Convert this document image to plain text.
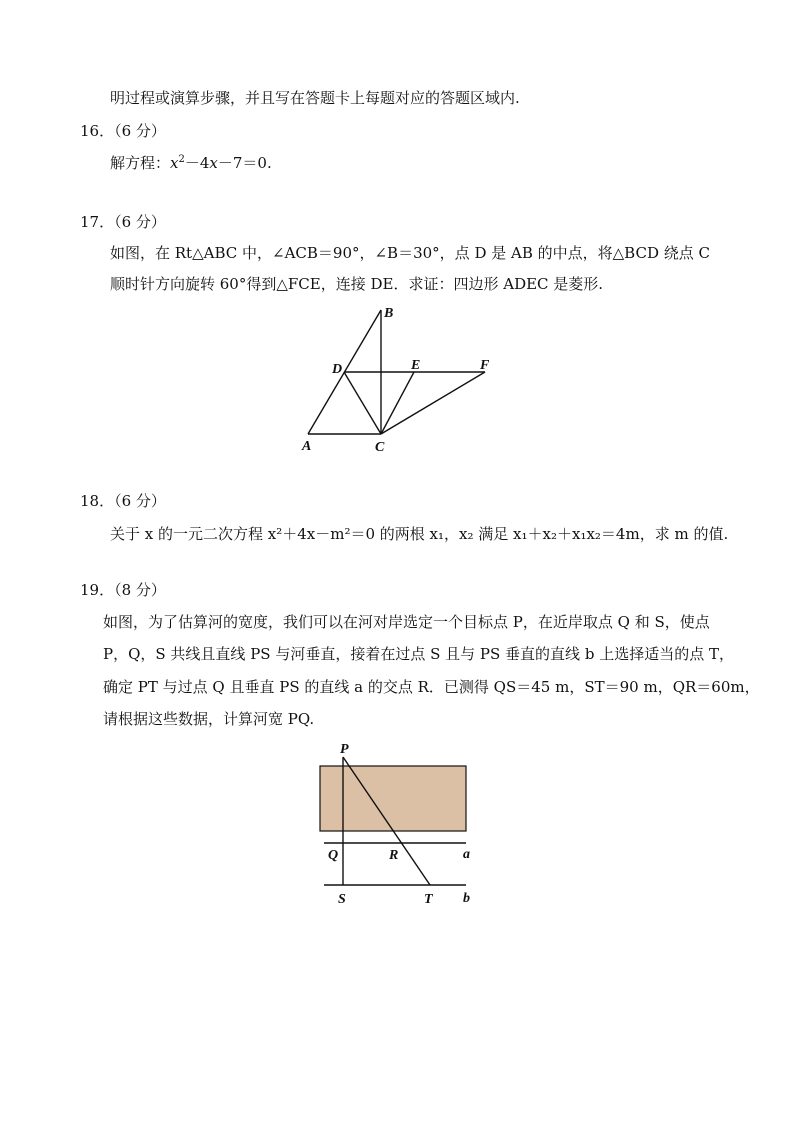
明过程或演算步骤，并且写在答题卡上每题对应的答题区域内.
16．（6 分）
解方程：$x^2-4x-7=0$.
17．（6 分）
如图，在 Rt△ABC 中，∠ACB＝90°，∠B＝30°，点 D 是 AB 的中点，将△BCD 绕点 C
顺时针方向旋转 60°得到△FCE，连接 DE．求证：四边形 ADEC 是菱形.
B
D	E	F
A	C
18．（6 分）
关于 x 的一元二次方程 x²＋4x－m²＝0 的两根 x₁，x₂ 满足 x₁＋x₂＋x₁x₂＝4m，求 m 的值.
19．（8 分）
如图，为了估算河的宽度，我们可以在河对岸选定一个目标点 P，在近岸取点 Q 和 S，使点
P，Q，S 共线且直线 PS 与河垂直，接着在过点 S 且与 PS 垂直的直线 b 上选择适当的点 T，
确定 PT 与过点 Q 且垂直 PS 的直线 a 的交点 R．已测得 QS＝45 m，ST＝90 m，QR＝60m，
请根据这些数据，计算河宽 PQ.
P
Q	R	a
S	T b
